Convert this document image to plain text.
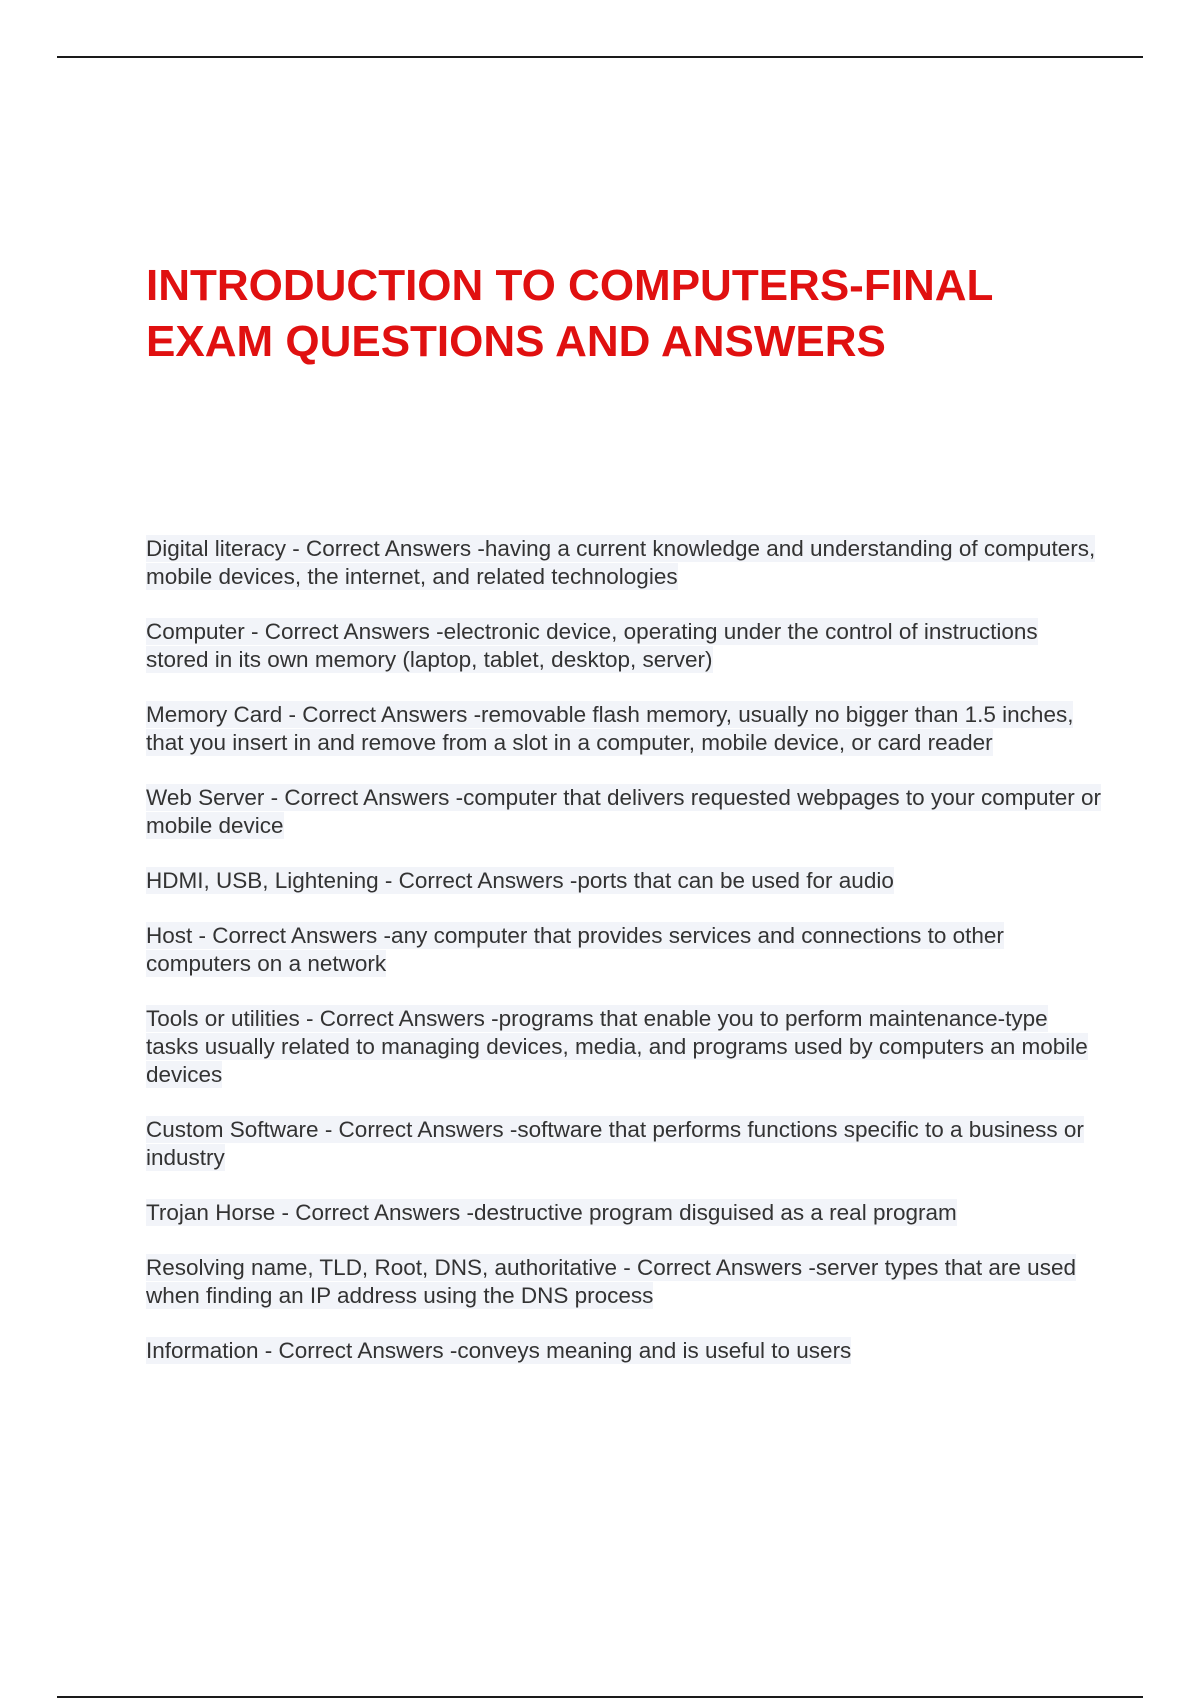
INTRODUCTION TO COMPUTERS-FINAL EXAM QUESTIONS AND ANSWERS
Digital literacy - Correct Answers -having a current knowledge and understanding of computers, mobile devices, the internet, and related technologies
Computer - Correct Answers -electronic device, operating under the control of instructions stored in its own memory (laptop, tablet, desktop, server)
Memory Card - Correct Answers -removable flash memory, usually no bigger than 1.5 inches, that you insert in and remove from a slot in a computer, mobile device, or card reader
Web Server - Correct Answers -computer that delivers requested webpages to your computer or mobile device
HDMI, USB, Lightening - Correct Answers -ports that can be used for audio
Host - Correct Answers -any computer that provides services and connections to other computers on a network
Tools or utilities - Correct Answers -programs that enable you to perform maintenance-type tasks usually related to managing devices, media, and programs used by computers an mobile devices
Custom Software - Correct Answers -software that performs functions specific to a business or industry
Trojan Horse - Correct Answers -destructive program disguised as a real program
Resolving name, TLD, Root, DNS, authoritative - Correct Answers -server types that are used when finding an IP address using the DNS process
Information - Correct Answers -conveys meaning and is useful to users
